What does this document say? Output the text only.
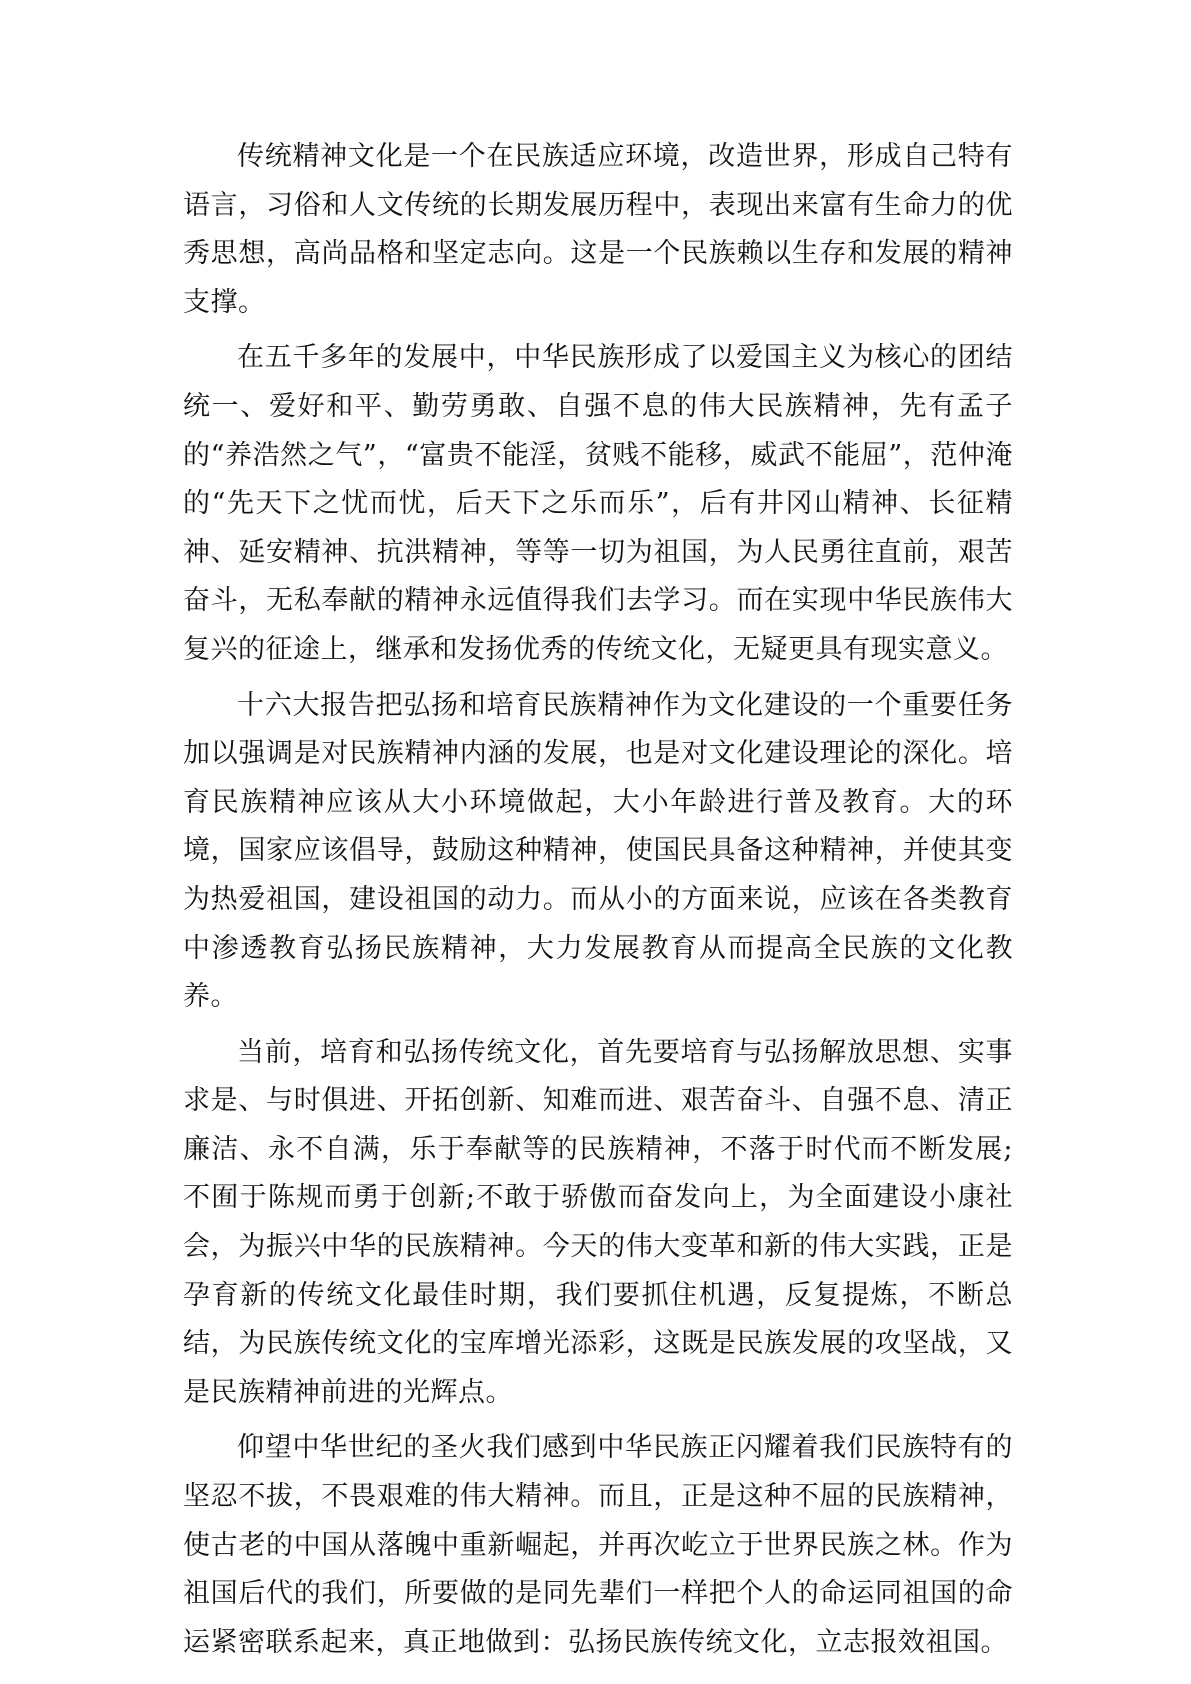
传统精神文化是一个在民族适应环境，改造世界，形成自己特有语言，习俗和人文传统的长期发展历程中，表现出来富有生命力的优秀思想，高尚品格和坚定志向。这是一个民族赖以生存和发展的精神支撑。

在五千多年的发展中，中华民族形成了以爱国主义为核心的团结统一、爱好和平、勤劳勇敢、自强不息的伟大民族精神，先有孟子的“养浩然之气”，“富贵不能淫，贫贱不能移，威武不能屈”，范仲淹的“先天下之忧而忧，后天下之乐而乐”，后有井冈山精神、长征精神、延安精神、抗洪精神，等等一切为祖国，为人民勇往直前，艰苦奋斗，无私奉献的精神永远值得我们去学习。而在实现中华民族伟大复兴的征途上，继承和发扬优秀的传统文化，无疑更具有现实意义。

十六大报告把弘扬和培育民族精神作为文化建设的一个重要任务加以强调是对民族精神内涵的发展，也是对文化建设理论的深化。培育民族精神应该从大小环境做起，大小年龄进行普及教育。大的环境，国家应该倡导，鼓励这种精神，使国民具备这种精神，并使其变为热爱祖国，建设祖国的动力。而从小的方面来说，应该在各类教育中渗透教育弘扬民族精神，大力发展教育从而提高全民族的文化教养。

当前，培育和弘扬传统文化，首先要培育与弘扬解放思想、实事求是、与时俱进、开拓创新、知难而进、艰苦奋斗、自强不息、清正廉洁、永不自满，乐于奉献等的民族精神，不落于时代而不断发展;不囿于陈规而勇于创新;不敢于骄傲而奋发向上，为全面建设小康社会，为振兴中华的民族精神。今天的伟大变革和新的伟大实践，正是孕育新的传统文化最佳时期，我们要抓住机遇，反复提炼，不断总结，为民族传统文化的宝库增光添彩，这既是民族发展的攻坚战，又是民族精神前进的光辉点。

仰望中华世纪的圣火我们感到中华民族正闪耀着我们民族特有的坚忍不拔，不畏艰难的伟大精神。而且，正是这种不屈的民族精神，使古老的中国从落魄中重新崛起，并再次屹立于世界民族之林。作为祖国后代的我们，所要做的是同先辈们一样把个人的命运同祖国的命运紧密联系起来，真正地做到：弘扬民族传统文化，立志报效祖国。
